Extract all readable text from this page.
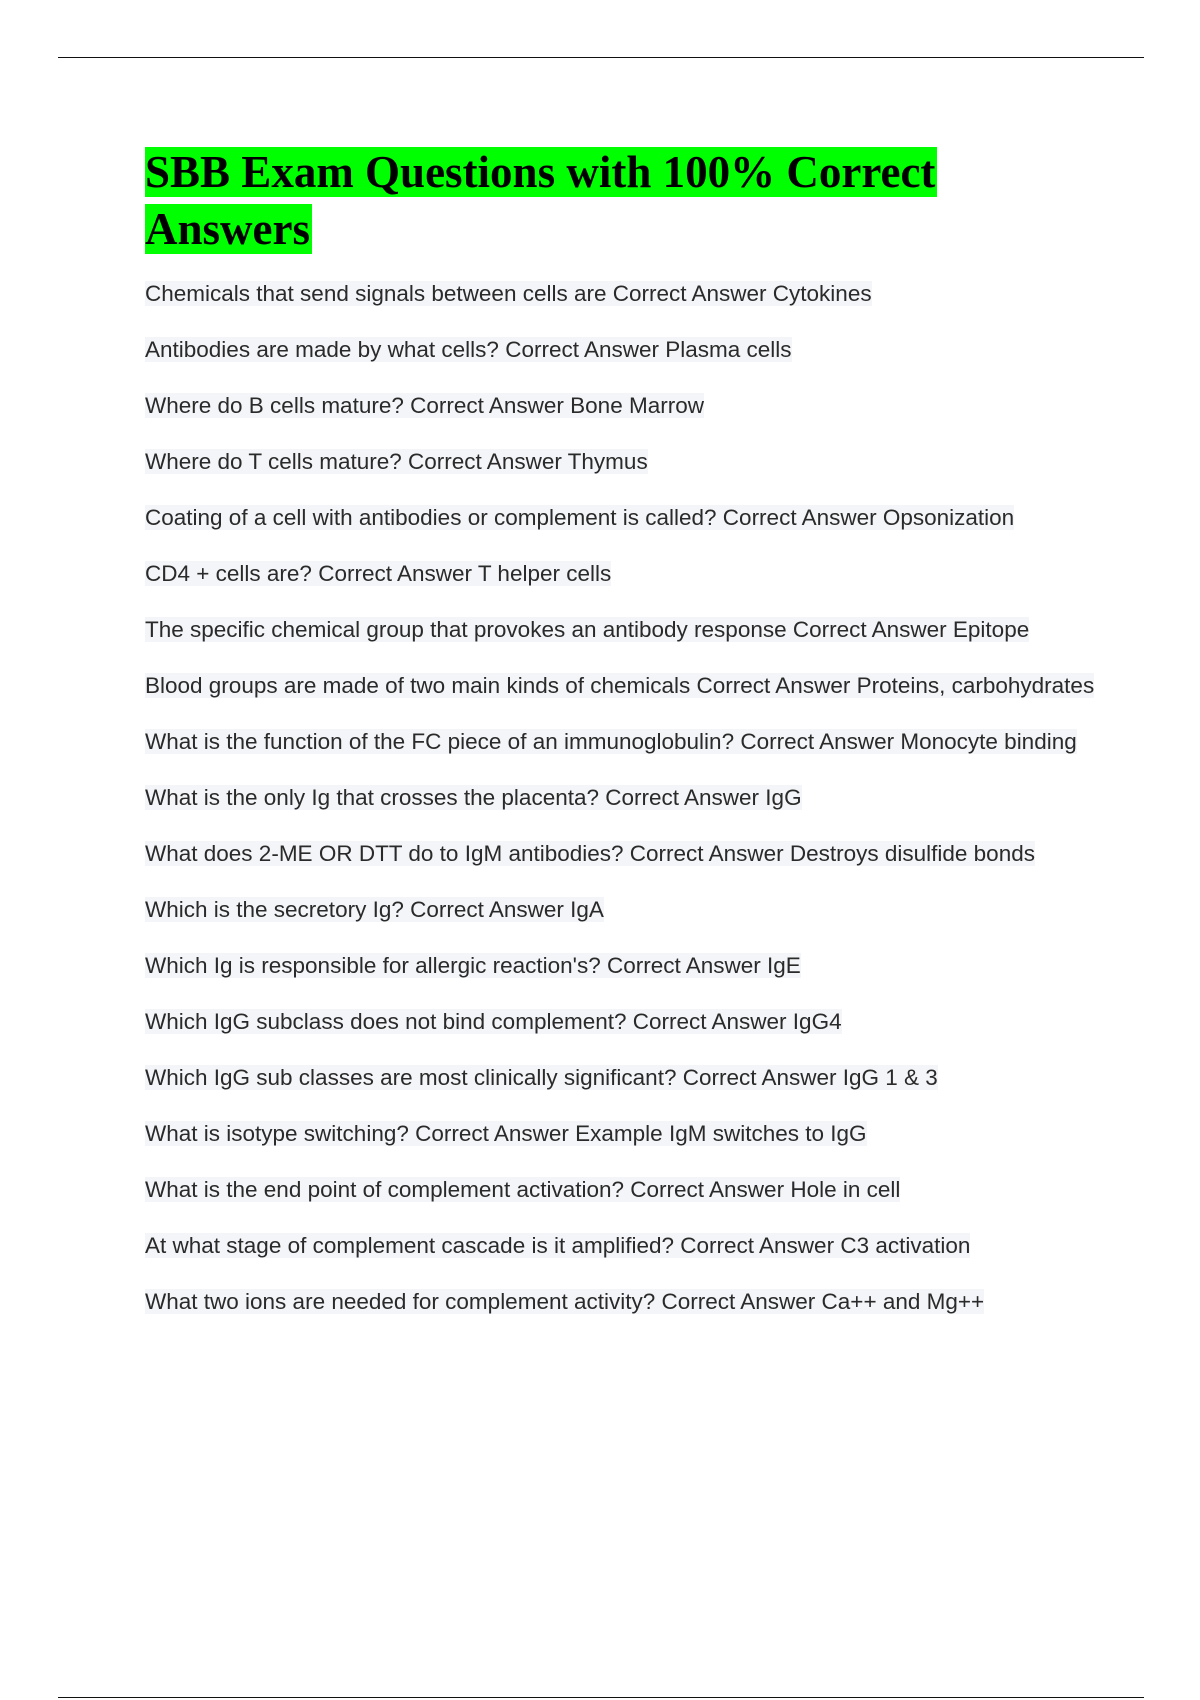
SBB Exam Questions with 100% Correct Answers
Chemicals that send signals between cells are Correct Answer Cytokines
Antibodies are made by what cells? Correct Answer Plasma cells
Where do B cells mature? Correct Answer Bone Marrow
Where do T cells mature? Correct Answer Thymus
Coating of a cell with antibodies or complement is called? Correct Answer Opsonization
CD4 + cells are? Correct Answer T helper cells
The specific chemical group that provokes an antibody response Correct Answer Epitope
Blood groups are made of two main kinds of chemicals Correct Answer Proteins, carbohydrates
What is the function of the FC piece of an immunoglobulin? Correct Answer Monocyte binding
What is the only Ig that crosses the placenta? Correct Answer IgG
What does 2-ME OR DTT do to IgM antibodies? Correct Answer Destroys disulfide bonds
Which is the secretory Ig? Correct Answer IgA
Which Ig is responsible for allergic reaction's? Correct Answer IgE
Which IgG subclass does not bind complement? Correct Answer IgG4
Which IgG sub classes are most clinically significant? Correct Answer IgG 1 & 3
What is isotype switching? Correct Answer Example IgM switches to IgG
What is the end point of complement activation? Correct Answer Hole in cell
At what stage of complement cascade is it amplified? Correct Answer C3 activation
What two ions are needed for complement activity? Correct Answer Ca++ and Mg++
